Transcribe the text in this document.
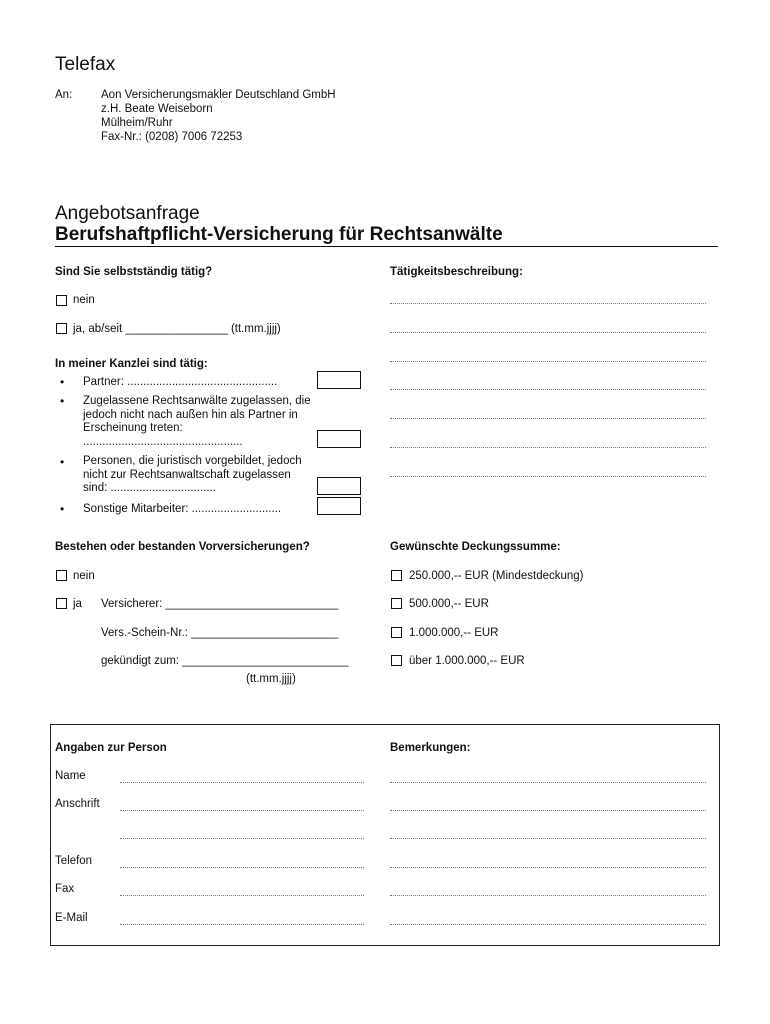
Telefax
An: Aon Versicherungsmakler Deutschland GmbH
z.H. Beate Weiseborn
Mülheim/Ruhr
Fax-Nr.: (0208) 7006 72253
Angebotsanfrage
Berufshaftpflicht-Versicherung für Rechtsanwälte
Sind Sie selbstständig tätig?
nein
ja, ab/seit ________________ (tt.mm.jjjj)
Tätigkeitsbeschreibung:
In meiner Kanzlei sind tätig:
• Partner: ...............................................
• Zugelassene Rechtsanwälte zugelassen, die jedoch nicht nach außen hin als Partner in Erscheinung treten: ..................................................
• Personen, die juristisch vorgebildet, jedoch nicht zur Rechtsanwaltschaft zugelassen sind: .................................
• Sonstige Mitarbeiter: ............................
Bestehen oder bestanden Vorversicherungen?
nein
ja Versicherer: ___________________________
Vers.-Schein-Nr.: _______________________
gekündigt zum: __________________________
(tt.mm.jjjj)
Gewünschte Deckungssumme:
250.000,-- EUR (Mindestdeckung)
500.000,-- EUR
1.000.000,-- EUR
über 1.000.000,-- EUR
Angaben zur Person	Bemerkungen:
Name
Anschrift
Telefon
Fax
E-Mail
